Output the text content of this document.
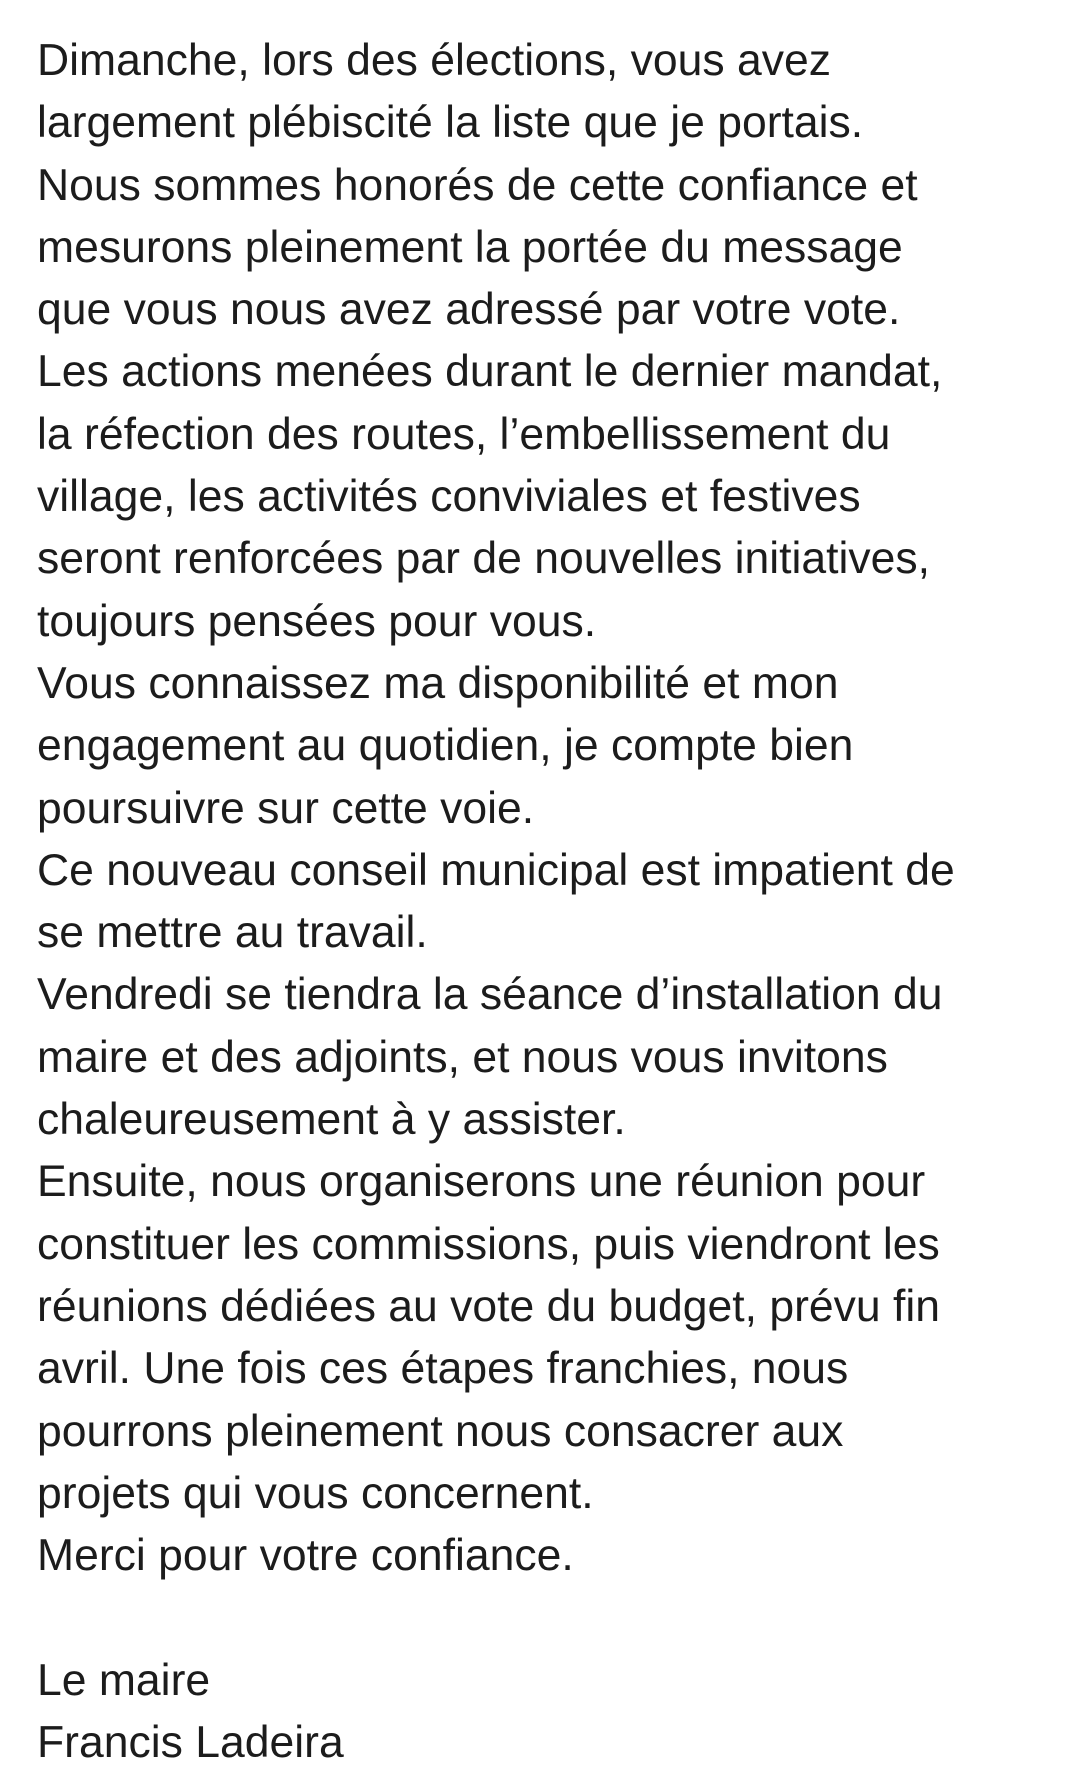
Dimanche, lors des élections, vous avez
largement plébiscité la liste que je portais.
Nous sommes honorés de cette confiance et
mesurons pleinement la portée du message
que vous nous avez adressé par votre vote.
Les actions menées durant le dernier mandat,
la réfection des routes, l’embellissement du
village, les activités conviviales et festives
seront renforcées par de nouvelles initiatives,
toujours pensées pour vous.
Vous connaissez ma disponibilité et mon
engagement au quotidien, je compte bien
poursuivre sur cette voie.
Ce nouveau conseil municipal est impatient de
se mettre au travail.
Vendredi se tiendra la séance d’installation du
maire et des adjoints, et nous vous invitons
chaleureusement à y assister.
Ensuite, nous organiserons une réunion pour
constituer les commissions, puis viendront les
réunions dédiées au vote du budget, prévu fin
avril. Une fois ces étapes franchies, nous
pourrons pleinement nous consacrer aux
projets qui vous concernent.
Merci pour votre confiance.
Le maire
Francis Ladeira
